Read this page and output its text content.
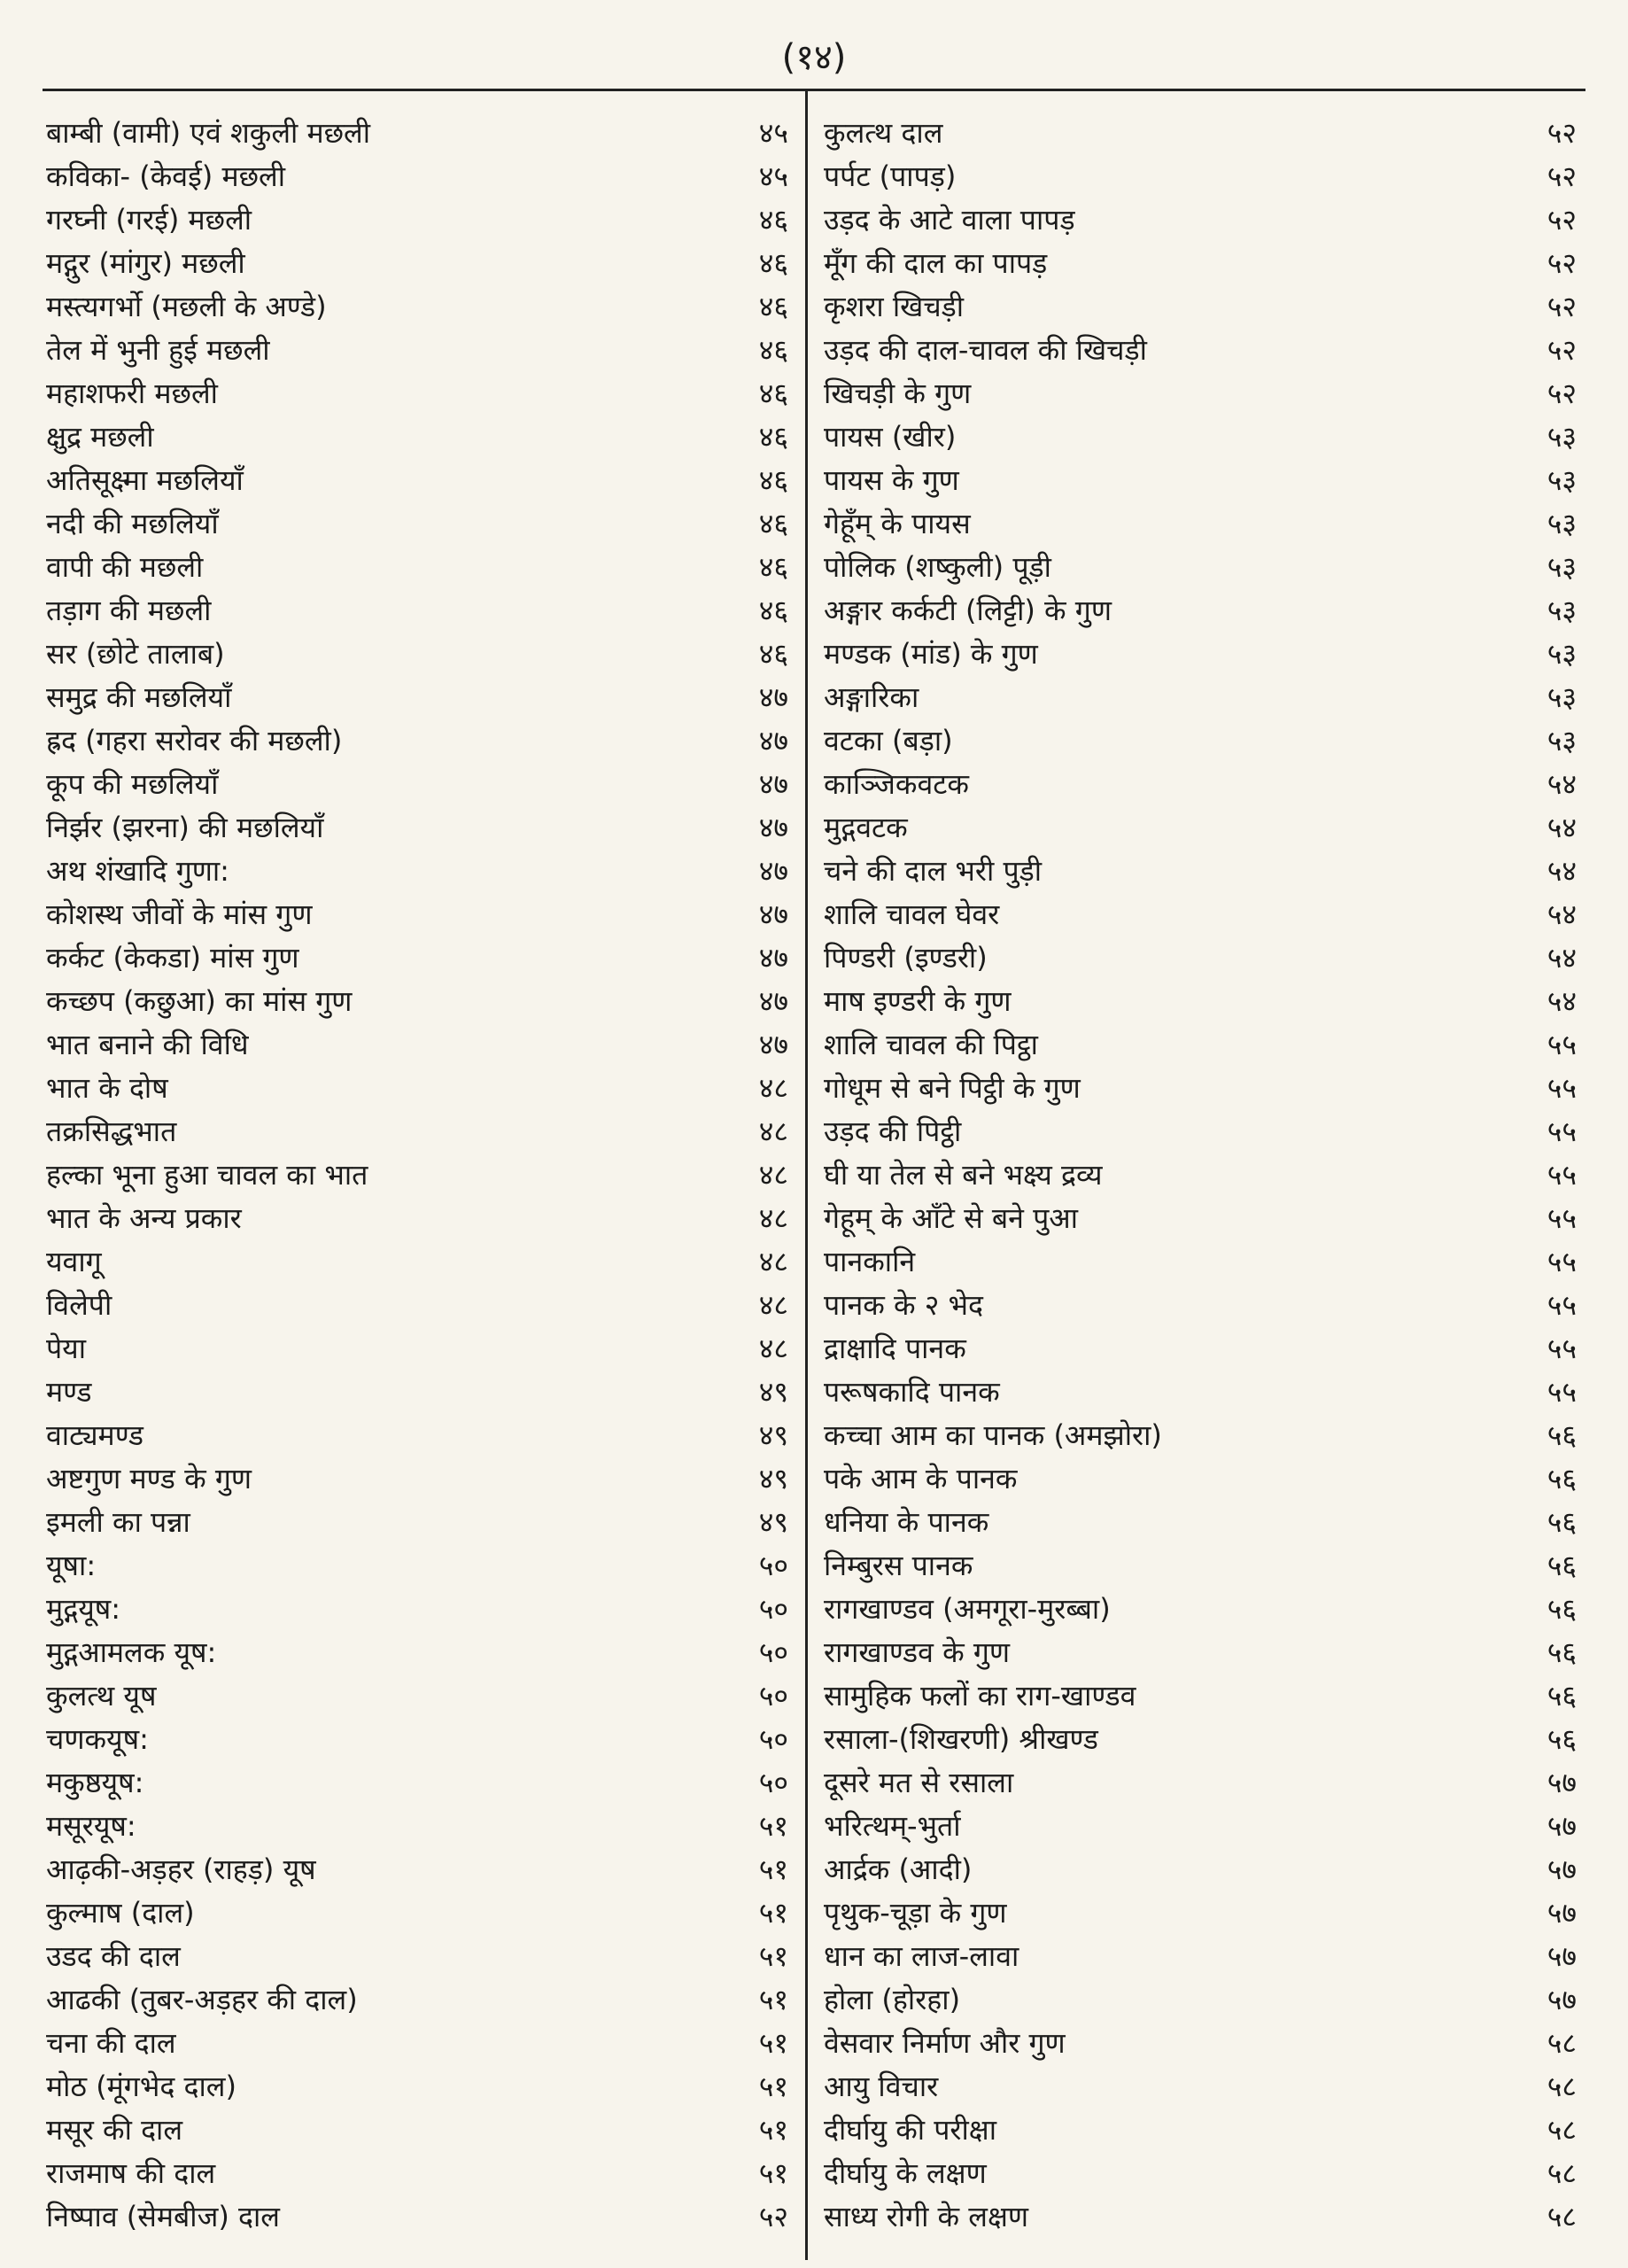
(१४)
बाम्बी (वामी) एवं शकुली मछली	४५
कविका- (केवई) मछली	४५
गरघ्नी (गरई) मछली	४६
मद्गुर (मांगुर) मछली	४६
मस्त्यगर्भो (मछली के अण्डे)	४६
तेल में भुनी हुई मछली	४६
महाशफरी मछली	४६
क्षुद्र मछली	४६
अतिसूक्ष्मा मछलियाँ	४६
नदी की मछलियाँ	४६
वापी की मछली	४६
तड़ाग की मछली	४६
सर (छोटे तालाब)	४६
समुद्र की मछलियाँ	४७
ह्रद (गहरा सरोवर की मछली)	४७
कूप की मछलियाँ	४७
निर्झर (झरना) की मछलियाँ	४७
अथ शंखादि गुणा:	४७
कोशस्थ जीवों के मांस गुण	४७
कर्कट (केकडा) मांस गुण	४७
कच्छप (कछुआ) का मांस गुण	४७
भात बनाने की विधि	४७
भात के दोष	४८
तक्रसिद्धभात	४८
हल्का भूना हुआ चावल का भात	४८
भात के अन्य प्रकार	४८
यवागू	४८
विलेपी	४८
पेया	४८
मण्ड	४९
वाट्यमण्ड	४९
अष्टगुण मण्ड के गुण	४९
इमली का पन्ना	४९
यूषा:	५०
मुद्गयूष:	५०
मुद्गआमलक यूष:	५०
कुलत्थ यूष	५०
चणकयूष:	५०
मकुष्ठयूष:	५०
मसूरयूष:	५१
आढ़की-अड़हर (राहड़) यूष	५१
कुल्माष (दाल)	५१
उडद की दाल	५१
आढकी (तुबर-अड़हर की दाल)	५१
चना की दाल	५१
मोठ (मूंगभेद दाल)	५१
मसूर की दाल	५१
राजमाष की दाल	५१
निष्पाव (सेमबीज) दाल	५२
कुलत्थ दाल	५२
पर्पट (पापड़)	५२
उड़द के आटे वाला पापड़	५२
मूँग की दाल का पापड़	५२
कृशरा खिचड़ी	५२
उड़द की दाल-चावल की खिचड़ी	५२
खिचड़ी के गुण	५२
पायस (खीर)	५३
पायस के गुण	५३
गेहूँम् के पायस	५३
पोलिक (शष्कुली) पूड़ी	५३
अङ्गार कर्कटी (लिट्टी) के गुण	५३
मण्डक (मांड) के गुण	५३
अङ्गारिका	५३
वटका (बड़ा)	५३
काञ्जिकवटक	५४
मुद्गवटक	५४
चने की दाल भरी पुड़ी	५४
शालि चावल घेवर	५४
पिण्डरी (इण्डरी)	५४
माष इण्डरी के गुण	५४
शालि चावल की पिट्ठा	५५
गोधूम से बने पिट्ठी के गुण	५५
उड़द की पिट्ठी	५५
घी या तेल से बने भक्ष्य द्रव्य	५५
गेहूम् के आँटे से बने पुआ	५५
पानकानि	५५
पानक के २ भेद	५५
द्राक्षादि पानक	५५
परूषकादि पानक	५५
कच्चा आम का पानक (अमझोरा)	५६
पके आम के पानक	५६
धनिया के पानक	५६
निम्बुरस पानक	५६
रागखाण्डव (अमगूरा-मुरब्बा)	५६
रागखाण्डव के गुण	५६
सामुहिक फलों का राग-खाण्डव	५६
रसाला-(शिखरणी) श्रीखण्ड	५६
दूसरे मत से रसाला	५७
भरित्थम्-भुर्ता	५७
आर्द्रक (आदी)	५७
पृथुक-चूड़ा के गुण	५७
धान का लाज-लावा	५७
होला (होरहा)	५७
वेसवार निर्माण और गुण	५८
आयु विचार	५८
दीर्घायु की परीक्षा	५८
दीर्घायु के लक्षण	५८
साध्य रोगी के लक्षण	५८
